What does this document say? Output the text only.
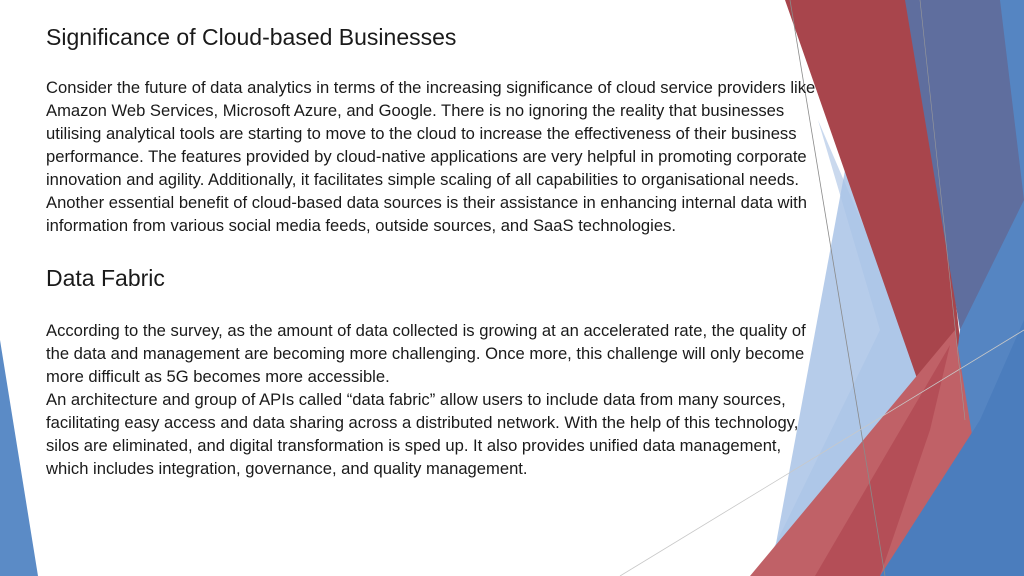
Significance of Cloud-based Businesses

Consider the future of data analytics in terms of the increasing significance of cloud service providers like Amazon Web Services, Microsoft Azure, and Google. There is no ignoring the reality that businesses utilising analytical tools are starting to move to the cloud to increase the effectiveness of their business performance. The features provided by cloud-native applications are very helpful in promoting corporate innovation and agility. Additionally, it facilitates simple scaling of all capabilities to organisational needs. Another essential benefit of cloud-based data sources is their assistance in enhancing internal data with information from various social media feeds, outside sources, and SaaS technologies.

Data Fabric

According to the survey, as the amount of data collected is growing at an accelerated rate, the quality of the data and management are becoming more challenging. Once more, this challenge will only become more difficult as 5G becomes more accessible.

An architecture and group of APIs called “data fabric” allow users to include data from many sources, facilitating easy access and data sharing across a distributed network. With the help of this technology, silos are eliminated, and digital transformation is sped up. It also provides unified data management, which includes integration, governance, and quality management.
